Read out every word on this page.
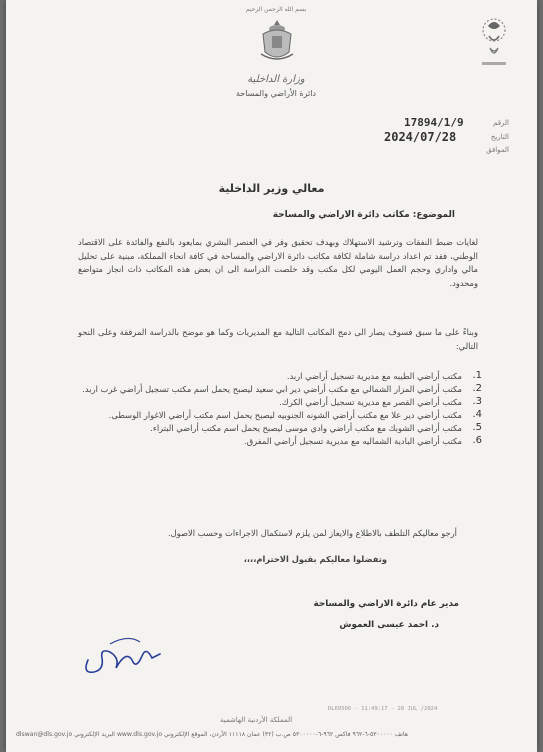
بسم الله الرحمن الرحيم
وزارة الداخلية
دائرة الأراضي والمساحة
الرقم
17894/1/9
التاريخ
2024/07/28
الموافق
معالي وزير الداخلية
الموضوع: مكاتب دائرة الاراضي والمساحة
لغايات ضبط النفقات وترشيد الاستهلاك وبهدف تحقيق وفر في العنصر البشري بمايعود بالنفع والفائدة على الاقتصاد الوطني، فقد تم اعداد دراسة شاملة لكافة مكاتب دائرة الاراضي والمساحة في كافة انحاء المملكة، مبنية على تحليل مالي واداري وحجم العمل اليومي لكل مكتب وقد خلصت الدراسة الى ان بعض هذه المكاتب ذات انجاز متواضع ومحدود.
وبناءً على ما سبق فسوف يصار الى دمج المكاتب التالية مع المديريات وكما هو موضح بالدراسة المرفقة وعلى النحو التالي:
1.
مكتب أراضي الطيبه مع مديرية تسجيل أراضي اربد.
2.
مكتب أراضي المزار الشمالي مع مكتب أراضي دير ابي سعيد ليصبح يحمل اسم مكتب تسجيل أراضي غرب اربد.
3.
مكتب أراضي القصر مع مديرية تسجيل أراضي الكرك.
4.
مكتب أراضي دير علا مع مكتب أراضي الشونه الجنوبيه ليصبح يحمل اسم مكتب أراضي الاغوار الوسطى.
5.
مكتب أراضي الشوبك مع مكتب أراضي وادي موسى ليصبح يحمل اسم مكتب أراضي البتراء.
6.
مكتب أراضي البادية الشماليه مع مديرية تسجيل أراضي المفرق.
أرجو معاليكم التلطف بالاطلاع والايعاز لمن يلزم لاستكمال الاجراءات وحسب الاصول.
وتفضلوا معاليكم بقبول الاحترام،،،،
مدير عام دائرة الاراضي والمساحة
د. احمد عيسى العموش
DL69506 - 11:49:17 - 28 JUL /2024
المملكة الأردنية الهاشمية
هاتف ٥٣٠٠٠٠٠-٦-٩٦٢ فاكس ٩٦٢-٦-٥٣٠٠٠٠٠ ص.ب (٣٢) عمان ١١١١٨ الأردن، الموقع الإلكتروني www.dls.gov.jo البريد الإلكتروني dlswan@dls.gov.jo
